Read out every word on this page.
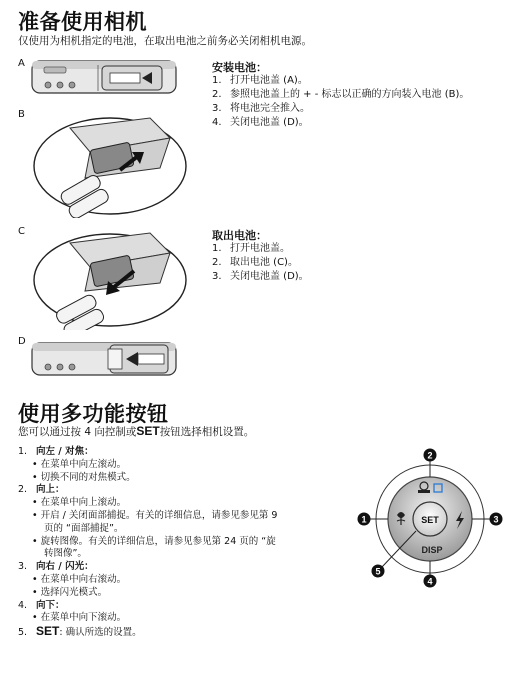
准备使用相机
仅使用为相机指定的电池，在取出电池之前务必关闭相机电源。
A
B
C
D
安装电池：
1. 打开电池盖 (A)。
2. 参照电池盖上的 + - 标志以正确的方向装入电池 (B)。
3. 将电池完全推入。
4. 关闭电池盖 (D)。
取出电池：
1. 打开电池盖。
2. 取出电池 (C)。
3. 关闭电池盖 (D)。
使用多功能按钮
您可以通过按 4 向控制或SET按钮选择相机设置。
1. 向左 / 对焦：
• 在菜单中向左滚动。
• 切换不同的对焦模式。
2. 向上：
• 在菜单中向上滚动。
• 开启 / 关闭面部捕捉。有关的详细信息，请参见参见第 9
页的 “面部捕捉”。
• 旋转图像。有关的详细信息，请参见参见第 24 页的 “旋
转图像”。
3. 向右 / 闪光：
• 在菜单中向右滚动。
• 选择闪光模式。
4. 向下：
• 在菜单中向下滚动。
5. SET: 确认所选的设置。
SET
DISP
1
2
3
4
5
